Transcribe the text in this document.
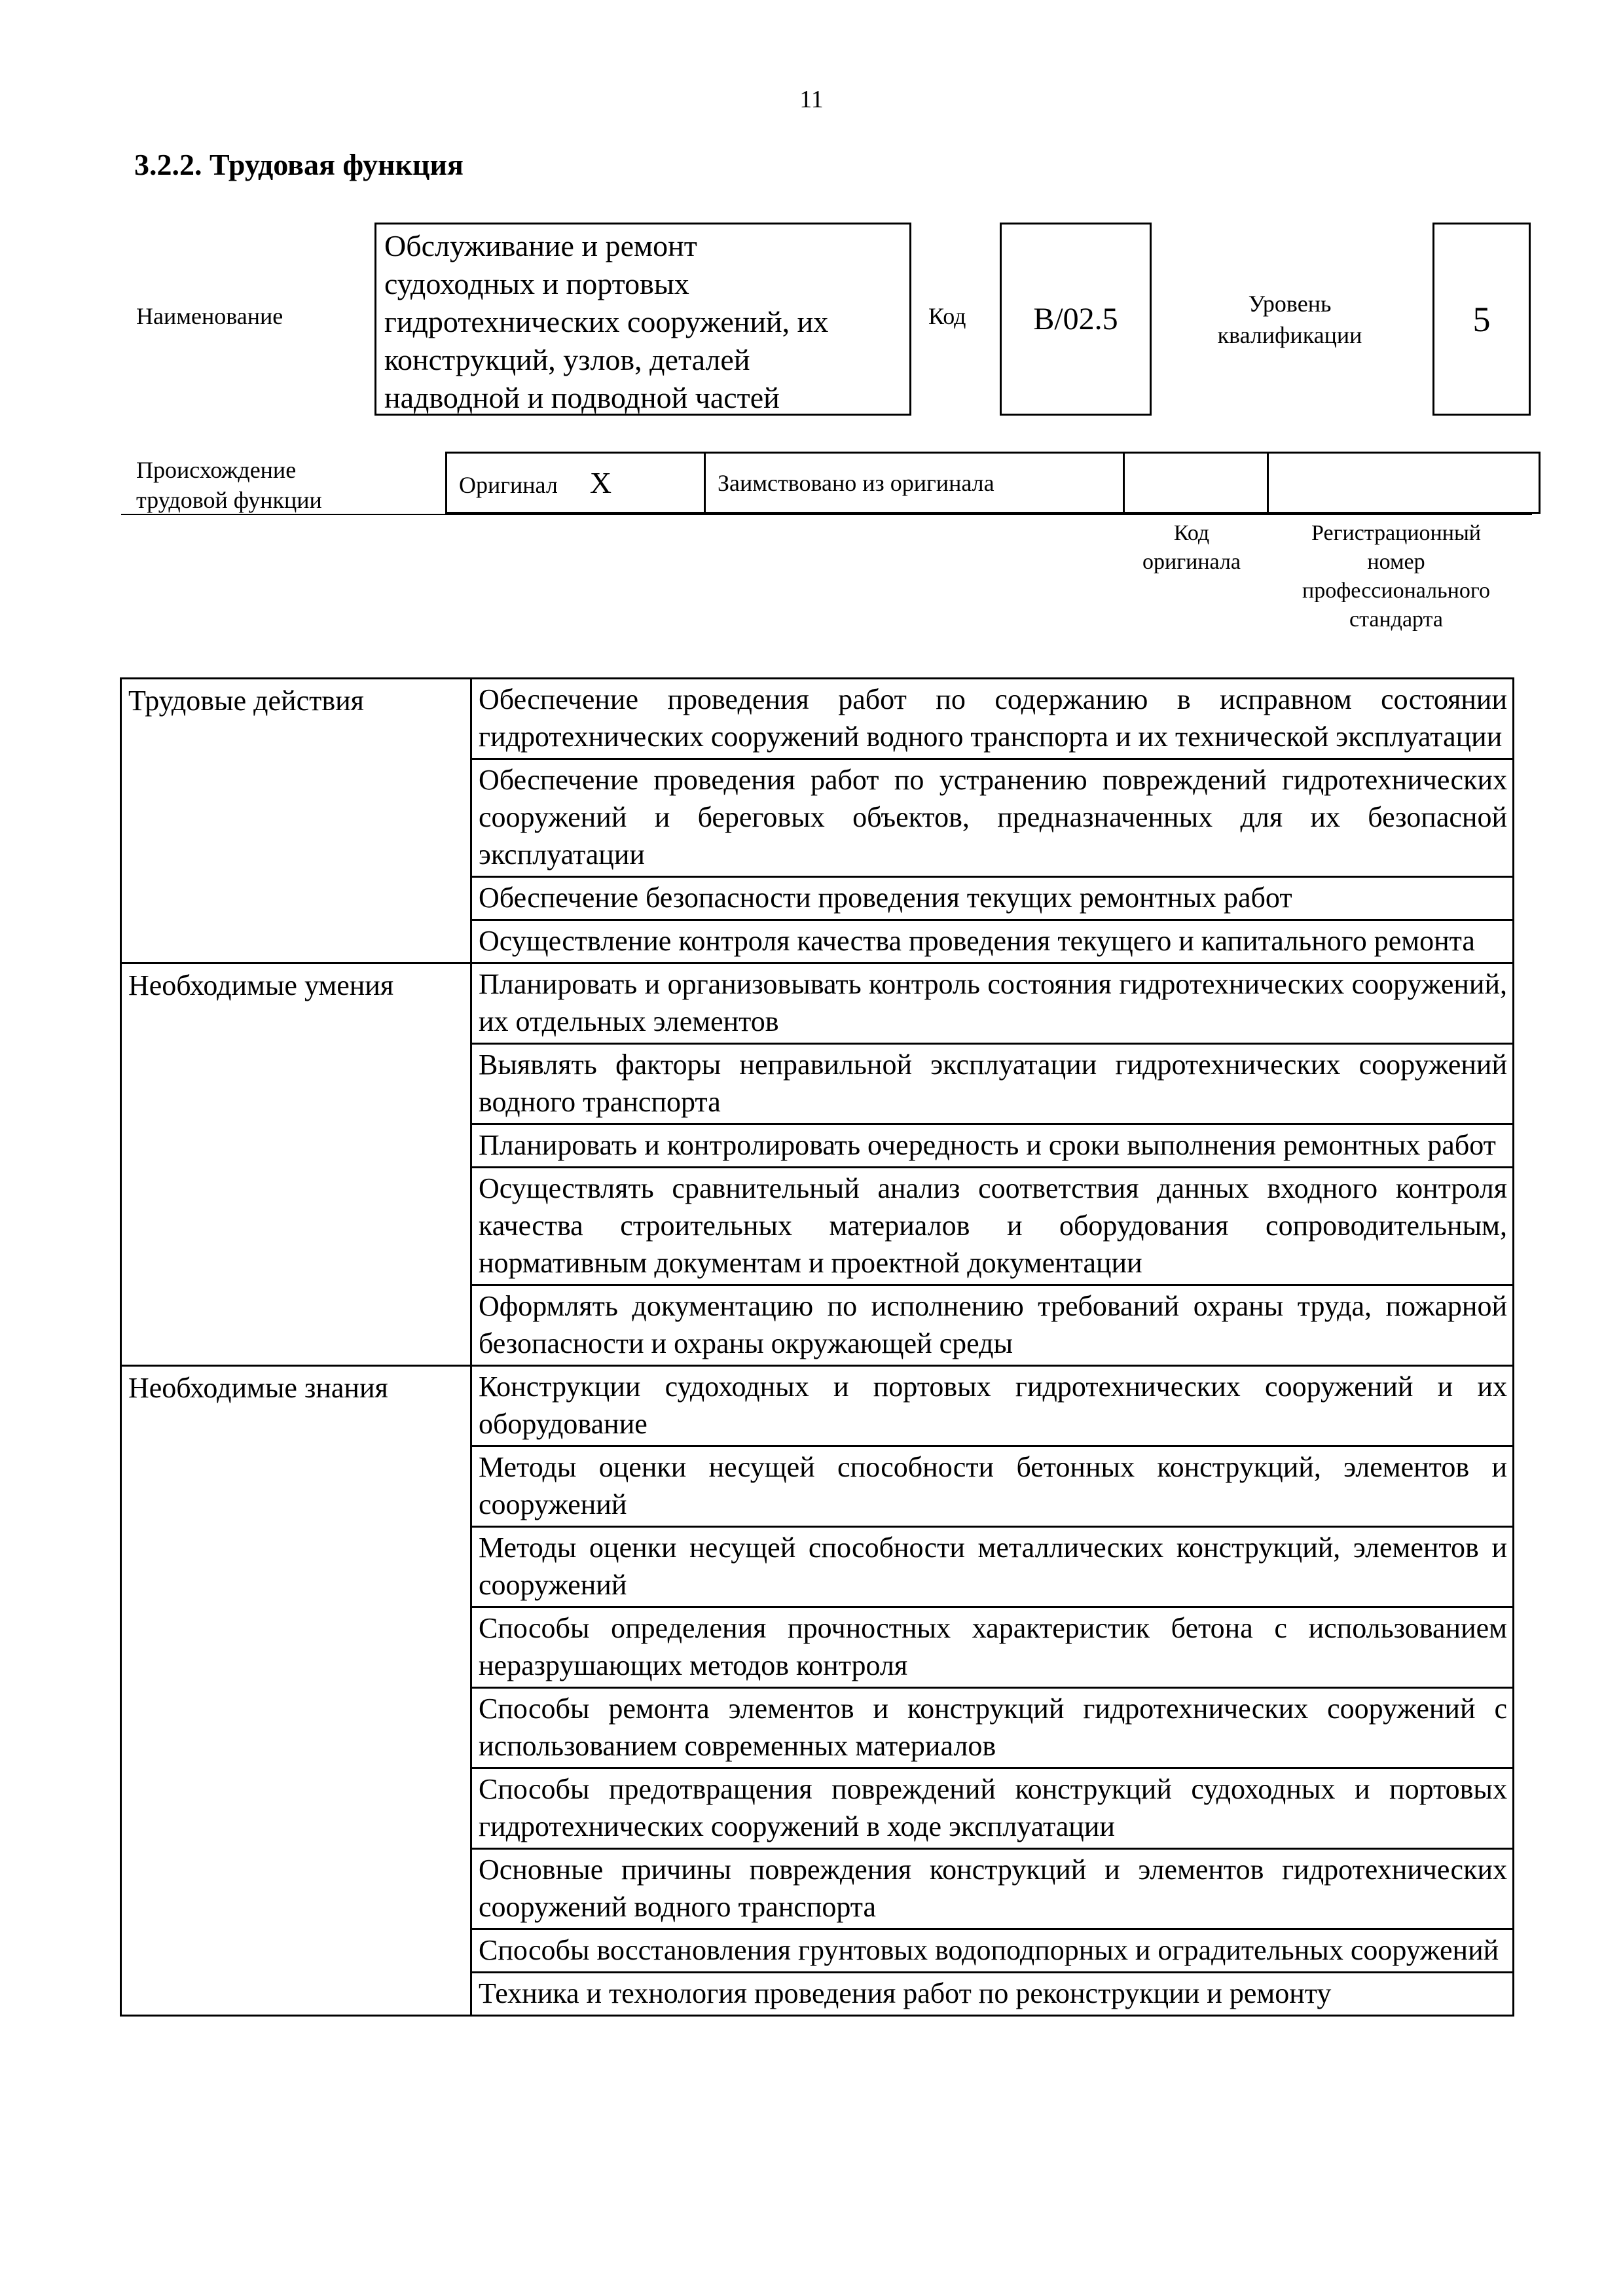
11
3.2.2. Трудовая функция
Наименование
Обслуживание и ремонт
судоходных и портовых
гидротехнических сооружений, их
конструкций, узлов, деталей
надводной и подводной частей
Код B/02.5	Уровень
квалификации	5
Происхождение
трудовой функции
Оригинал X	Заимствовано из оригинала		
Код
оригинала
Регистрационный
номер
профессионального
стандарта
Трудовые действия	Обеспечение проведения работ по содержанию в исправном состоянии гидротехнических сооружений водного транспорта и их технической эксплуатации
	Обеспечение проведения работ по устранению повреждений гидротехнических сооружений и береговых объектов, предназначенных для их безопасной эксплуатации
	Обеспечение безопасности проведения текущих ремонтных работ
	Осуществление контроля качества проведения текущего и капитального ремонта
Необходимые умения	Планировать и организовывать контроль состояния гидротехнических сооружений, их отдельных элементов
	Выявлять факторы неправильной эксплуатации гидротехнических сооружений водного транспорта
	Планировать и контролировать очередность и сроки выполнения ремонтных работ
	Осуществлять сравнительный анализ соответствия данных входного контроля качества строительных материалов и оборудования сопроводительным, нормативным документам и проектной документации
	Оформлять документацию по исполнению требований охраны труда, пожарной безопасности и охраны окружающей среды
Необходимые знания	Конструкции судоходных и портовых гидротехнических сооружений и их оборудование
	Методы оценки несущей способности бетонных конструкций, элементов и сооружений
	Методы оценки несущей способности металлических конструкций, элементов и сооружений
	Способы определения прочностных характеристик бетона с использованием неразрушающих методов контроля
	Способы ремонта элементов и конструкций гидротехнических сооружений с использованием современных материалов
	Способы предотвращения повреждений конструкций судоходных и портовых гидротехнических сооружений в ходе эксплуатации
	Основные причины повреждения конструкций и элементов гидротехнических сооружений водного транспорта
	Способы восстановления грунтовых водоподпорных и оградительных сооружений
	Техника и технология проведения работ по реконструкции и ремонту
